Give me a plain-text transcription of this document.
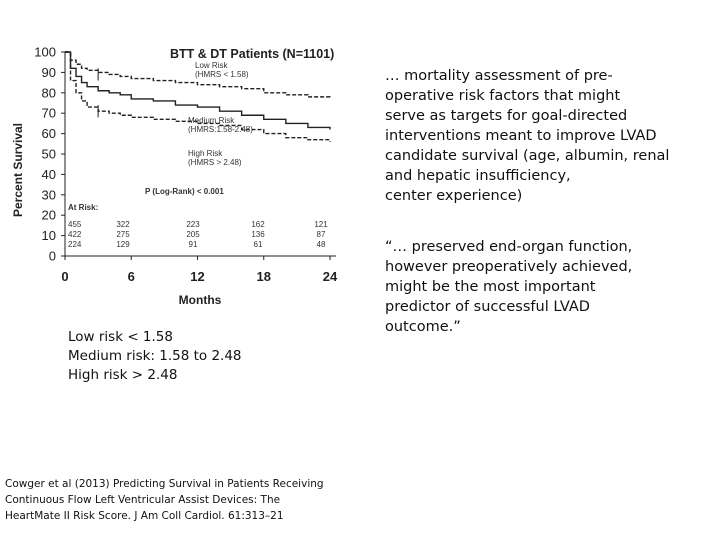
BTT & DT Patients (N=1101)
Percent Survival
Months
0
10
20
30
40
50
60
70
80
90
100
0	6	12	18	24
Low Risk
(HMRS < 1.58)
Medium Risk
(HMRS:1.58-2.48)
High Risk
(HMRS > 2.48)
P (Log-Rank) < 0.001
At Risk:
455	322	223	162	121
422	275	205	136	87
224	129	91	61	48
… mortality assessment of pre-
operative risk factors that might
serve as targets for goal-directed
interventions meant to improve LVAD
candidate survival (age, albumin, renal
and hepatic insufficiency,
center experience)
“… preserved end-organ function,
however preoperatively achieved,
might be the most important
predictor of successful LVAD
outcome.”
Low risk < 1.58
Medium risk: 1.58 to 2.48
High risk > 2.48
Cowger et al (2013) Predicting Survival in Patients Receiving
Continuous Flow Left Ventricular Assist Devices: The
HeartMate II Risk Score. J Am Coll Cardiol. 61:313–21
